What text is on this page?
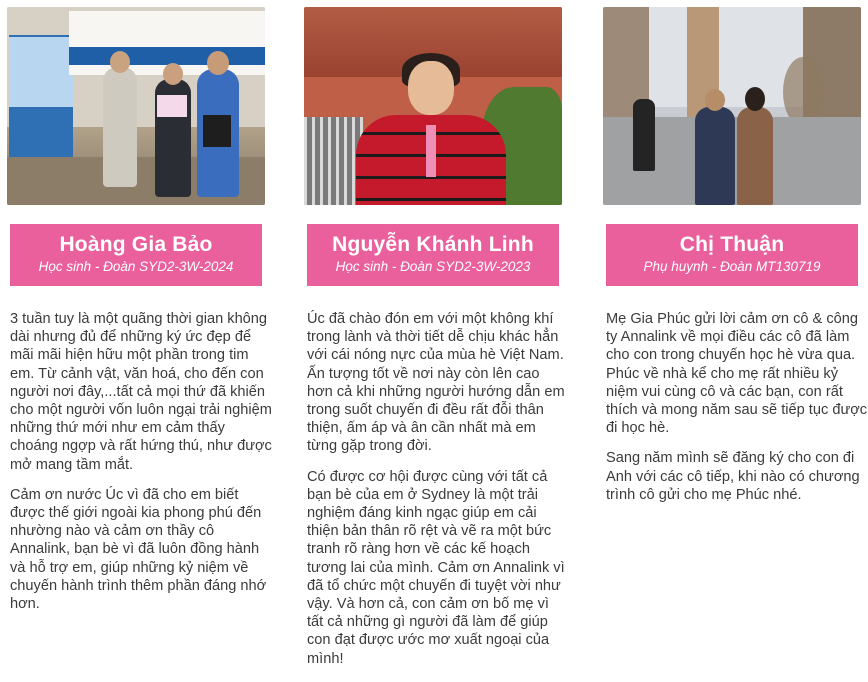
Hoàng Gia Bảo
Học sinh - Đoàn SYD2-3W-2024

3 tuần tuy là một quãng thời gian không dài nhưng đủ để những ký ức đẹp để mãi mãi hiện hữu một phần trong tim em. Từ cảnh vật, văn hoá, cho đến con người nơi đây,...tất cả mọi thứ đã khiến cho một người vốn luôn ngại trải nghiệm những thứ mới như em cảm thấy choáng ngợp và rất hứng thú, như được mở mang tầm mắt.

Cảm ơn nước Úc vì đã cho em biết được thế giới ngoài kia phong phú đến nhường nào và cảm ơn thầy cô Annalink, bạn bè vì đã luôn đồng hành và hỗ trợ em, giúp những kỷ niệm về chuyến hành trình thêm phần đáng nhớ hơn.

Nguyễn Khánh Linh
Học sinh - Đoàn SYD2-3W-2023

Úc đã chào đón em với một không khí trong lành và thời tiết dễ chịu khác hẳn với cái nóng nực của mùa hè Việt Nam. Ấn tượng tốt về nơi này còn lên cao hơn cả khi những người hướng dẫn em trong suốt chuyến đi đều rất đỗi thân thiện, ấm áp và ân cần nhất mà em từng gặp trong đời.

Có được cơ hội được cùng với tất cả bạn bè của em ở Sydney là một trải nghiệm đáng kinh ngạc giúp em cải thiện bản thân rõ rệt và vẽ ra một bức tranh rõ ràng hơn về các kế hoạch tương lai của mình. Cảm ơn Annalink vì đã tổ chức một chuyến đi tuyệt vời như vậy. Và hơn cả, con cảm ơn bố mẹ vì tất cả những gì người đã làm để giúp con đạt được ước mơ xuất ngoại của mình!

Chị Thuận
Phụ huynh - Đoàn MT130719

Mẹ Gia Phúc gửi lời cảm ơn cô & công ty Annalink về mọi điều các cô đã làm cho con trong chuyến học hè vừa qua. Phúc về nhà kể cho mẹ rất nhiều kỷ niệm vui cùng cô và các bạn, con rất thích và mong năm sau sẽ tiếp tục được đi học hè.

Sang năm mình sẽ đăng ký cho con đi Anh với các cô tiếp, khi nào có chương trình cô gửi cho mẹ Phúc nhé.
